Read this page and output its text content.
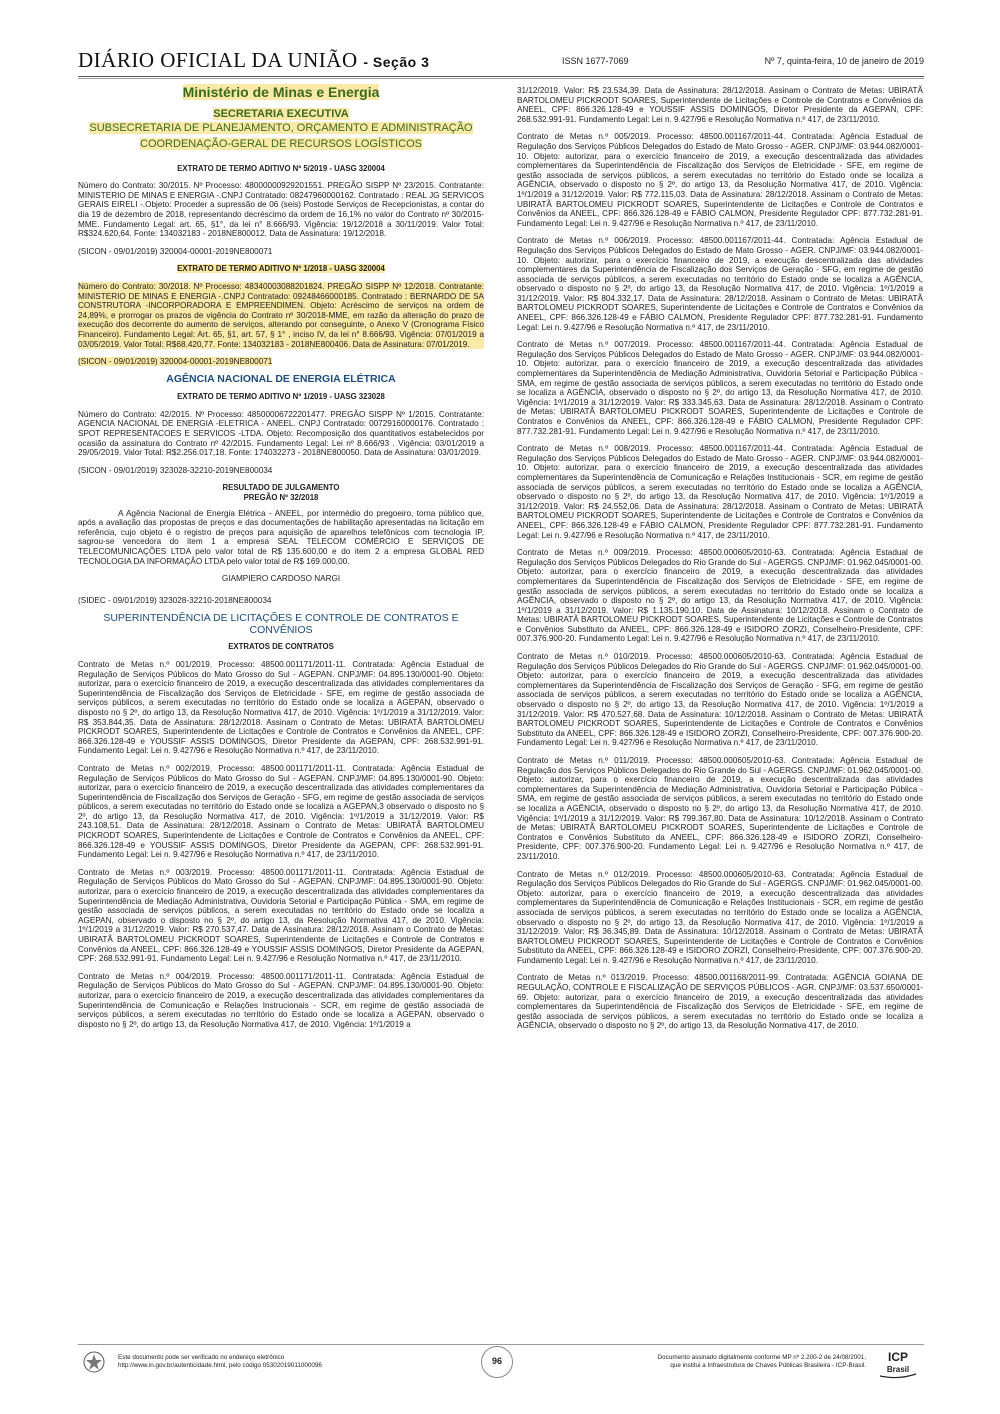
DIÁRIO OFICIAL DA UNIÃO - Seção 3	ISSN 1677-7069	Nº 7, quinta-feira, 10 de janeiro de 2019
Ministério de Minas e Energia
SECRETARIA EXECUTIVA
SUBSECRETARIA DE PLANEJAMENTO, ORÇAMENTO E ADMINISTRAÇÃO
COORDENAÇÃO-GERAL DE RECURSOS LOGÍSTICOS
EXTRATO DE TERMO ADITIVO Nº 5/2019 - UASG 320004

Número do Contrato: 30/2015. Nº Processo: 48000000929201551. PREGÃO SISPP Nº 23/2015. Contratante: MINISTERIO DE MINAS E ENERGIA -.CNPJ Contratado: 08247960000162. Contratado : REAL JG SERVICOS GERAIS EIRELI -.Objeto: Proceder a supressão de 06 (seis) Postode Serviços de Recepcionistas, a contar do dia 19 de dezembro de 2018, representando decréscimo da ordem de 16,1% no valor do Contrato nº 30/2015-MME. Fundamento Legal: art. 65, §1°, da lei n° 8.666/93. Vigência: 19/12/2018 a 30/11/2019. Valor Total: R$324.620,64. Fonte: 134032183 - 2018NE800012. Data de Assinatura: 19/12/2018.

(SICON - 09/01/2019) 320004-00001-2019NE800071

EXTRATO DE TERMO ADITIVO Nº 1/2018 - UASG 320004

Número do Contrato: 30/2018. Nº Processo: 48340003088201824. PREGÃO SISPP Nº 12/2018. Contratante: MINISTERIO DE MINAS E ENERGIA -.CNPJ Contratado: 09248466000185. Contratado : BERNARDO DE SA CONSTRUTORA -INCORPORADORA E EMPREENDIMEN. Objeto: Acréscimo de serviços na ordem de 24,89%, e prorrogar os prazos de vigência do Contrato nº 30/2018-MME, em razão da alteração do prazo de execução dos decorrente do aumento de serviços, alterando por conseguinte, o Anexo V (Cronograma Físico Financeiro). Fundamento Legal: Art. 65, §1, art. 57, § 1° , inciso IV, da lei n° 8.666/93. Vigência: 07/01/2019 a 03/05/2019. Valor Total: R$68.420,77. Fonte: 134032183 - 2018NE800406. Data de Assinatura: 07/01/2019.

(SICON - 09/01/2019) 320004-00001-2019NE800071

AGÊNCIA NACIONAL DE ENERGIA ELÉTRICA
EXTRATO DE TERMO ADITIVO Nº 1/2019 - UASG 323028

Número do Contrato: 42/2015. Nº Processo: 48500006722201477. PREGÃO SISPP Nº 1/2015. Contratante: AGENCIA NACIONAL DE ENERGIA -ELETRICA - ANEEL. CNPJ Contratado: 00729160000176. Contratado : SPOT REPRESENTACOES E SERVICOS -LTDA. Objeto: Recomposição dos quantitativos estabelecidos por ocasião da assinatura do Contrato nº 42/2015. Fundamento Legal: Lei nº 8.666/93 . Vigência: 03/01/2019 a 29/05/2019. Valor Total: R$2.256.017,18. Fonte: 174032273 - 2018NE800050. Data de Assinatura: 03/01/2019.

(SICON - 09/01/2019) 323028-32210-2019NE800034

RESULTADO DE JULGAMENTO
PREGÃO Nº 32/2018

A Agência Nacional de Energia Elétrica - ANEEL, por intermédio do pregoeiro, torna público que, após a avaliação das propostas de preços e das documentações de habilitação apresentadas na licitação em referência, cujo objeto é o registro de preços para aquisição de aparelhos telefônicos com tecnologia IP, sagrou-se vencedora do item 1 a empresa SEAL TELECOM COMÉRCIO E SERVIÇOS DE TELECOMUNICAÇÕES LTDA pelo valor total de R$ 135.600,00 e do item 2 a empresa GLOBAL RED TECNOLOGIA DA INFORMAÇÃO LTDA pelo valor total de R$ 169.000,00.

GIAMPIERO CARDOSO NARGI

(SIDEC - 09/01/2019) 323028-32210-2018NE800034

SUPERINTENDÊNCIA DE LICITAÇÕES E CONTROLE DE CONTRATOS E CONVÊNIOS
EXTRATOS DE CONTRATOS

Contrato de Metas n.º 001/2019. Processo: 48500.001171/2011-11. Contratada: Agência Estadual de Regulação de Serviços Públicos do Mato Grosso do Sul - AGEPAN. CNPJ/MF: 04.895.130/0001-90. Objeto: autorizar, para o exercício financeiro de 2019, a execução descentralizada das atividades complementares da Superintendência de Fiscalização dos Serviços de Eletricidade - SFE, em regime de gestão associada de serviços públicos, a serem executadas no território do Estado onde se localiza a AGEPAN, observado o disposto no § 2º, do artigo 13, da Resolução Normativa 417, de 2010. Vigência: 1º/1/2019 a 31/12/2019. Valor: R$ 353.844,35. Data de Assinatura: 28/12/2018. Assinam o Contrato de Metas: UBIRATÃ BARTOLOMEU PICKRODT SOARES, Superintendente de Licitações e Controle de Contratos e Convênios da ANEEL, CPF: 866.326.128-49 e YOUSSIF ASSIS DOMINGOS, Diretor Presidente da AGEPAN, CPF: 268.532.991-91. Fundamento Legal: Lei n. 9.427/96 e Resolução Normativa n.º 417, de 23/11/2010.

Contrato de Metas n.º 002/2019. Processo: 48500.001171/2011-11. Contratada: Agência Estadual de Regulação de Serviços Públicos do Mato Grosso do Sul - AGEPAN. CNPJ/MF: 04.895.130/0001-90. Objeto: autorizar, para o exercício financeiro de 2019, a execução descentralizada das atividades complementares da Superintendência de Fiscalização dos Serviços de Geração - SFG, em regime de gestão associada de serviços públicos, a serem executadas no território do Estado onde se localiza a AGEPAN,3 observado o disposto no § 2º, do artigo 13, da Resolução Normativa 417, de 2010. Vigência: 1º/1/2019 a 31/12/2019. Valor: R$ 243.108,51. Data de Assinatura: 28/12/2018. Assinam o Contrato de Metas: UBIRATÃ BARTOLOMEU PICKRODT SOARES, Superintendente de Licitações e Controle de Contratos e Convênios da ANEEL, CPF: 866.326.128-49 e YOUSSIF ASSIS DOMINGOS, Diretor Presidente da AGEPAN, CPF: 268.532.991-91. Fundamento Legal: Lei n. 9.427/96 e Resolução Normativa n.º 417, de 23/11/2010.

Contrato de Metas n.º 003/2019. Processo: 48500.001171/2011-11. Contratada: Agência Estadual de Regulação de Serviços Públicos do Mato Grosso do Sul - AGEPAN. CNPJ/MF: 04.895.130/0001-90. Objeto: autorizar, para o exercício financeiro de 2019, a execução descentralizada das atividades complementares da Superintendência de Mediação Administrativa, Ouvidoria Setorial e Participação Pública - SMA, em regime de gestão associada de serviços públicos, a serem executadas no território do Estado onde se localiza a AGEPAN, observado o disposto no § 2º, do artigo 13, da Resolução Normativa 417, de 2010. Vigência: 1º/1/2019 a 31/12/2019. Valor: R$ 270.537,47. Data de Assinatura: 28/12/2018. Assinam o Contrato de Metas: UBIRATÃ BARTOLOMEU PICKRODT SOARES, Superintendente de Licitações e Controle de Contratos e Convênios da ANEEL, CPF: 866.326.128-49 e YOUSSIF ASSIS DOMINGOS, Diretor Presidente da AGEPAN, CPF: 268.532.991-91. Fundamento Legal: Lei n. 9.427/96 e Resolução Normativa n.º 417, de 23/11/2010.

Contrato de Metas n.º 004/2019. Processo: 48500.001171/2011-11. Contratada: Agência Estadual de Regulação de Serviços Públicos do Mato Grosso do Sul - AGEPAN. CNPJ/MF: 04.895.130/0001-90. Objeto: autorizar, para o exercício financeiro de 2019, a execução descentralizada das atividades complementares da Superintendência de Comunicação e Relações Instrucionais - SCR, em regime de gestão associada de serviços públicos, a serem executadas no território do Estado onde se localiza a AGEPAN, observado o disposto no § 2º, do artigo 13, da Resolução Normativa 417, de 2010. Vigência: 1º/1/2019 a

31/12/2019. Valor: R$ 23.534,39. Data de Assinatura: 28/12/2018. Assinam o Contrato de Metas: UBIRATÃ BARTOLOMEU PICKRODT SOARES, Superintendente de Licitações e Controle de Contratos e Convênios da ANEEL, CPF: 866.326.128-49 e YOUSSIF ASSIS DOMINGOS, Diretor Presidente da AGEPAN, CPF: 268.532.991-91. Fundamento Legal: Lei n. 9.427/96 e Resolução Normativa n.º 417, de 23/11/2010.

Contrato de Metas n.º 005/2019. Processo: 48500.001167/2011-44. Contratada: Agência Estadual de Regulação dos Serviços Públicos Delegados do Estado de Mato Grosso - AGER. CNPJ/MF: 03.944.082/0001-10. Objeto: autorizar, para o exercício financeiro de 2019, a execução descentralizada das atividades complementares da Superintendência de Fiscalização dos Serviços de Eletricidade - SFE, em regime de gestão associada de serviços públicos, a serem executadas no território do Estado onde se localiza a AGÊNCIA, observado o disposto no § 2º, do artigo 13, da Resolução Normativa 417, de 2010. Vigência: 1º/1/2019 a 31/12/2019. Valor: R$ 772.115,03. Data de Assinatura: 28/12/2018. Assinam o Contrato de Metas: UBIRATÃ BARTOLOMEU PICKRODT SOARES, Superintendente de Licitações e Controle de Contratos e Convênios da ANEEL, CPF: 866.326.128-49 e FÁBIO CALMON, Presidente Regulador CPF: 877.732.281-91. Fundamento Legal: Lei n. 9.427/96 e Resolução Normativa n.º 417, de 23/11/2010.

Contrato de Metas n.º 006/2019. Processo: 48500.001167/2011-44. Contratada: Agência Estadual de Regulação dos Serviços Públicos Delegados do Estado de Mato Grosso - AGER. CNPJ/MF: 03.944.082/0001-10. Objeto: autorizar, para o exercício financeiro de 2019, a execução descentralizada das atividades complementares da Superintendência de Fiscalização dos Serviços de Geração - SFG, em regime de gestão associada de serviços públicos, a serem executadas no território do Estado onde se localiza a AGÊNCIA, observado o disposto no § 2º, do artigo 13, da Resolução Normativa 417, de 2010. Vigência: 1º/1/2019 a 31/12/2019. Valor: R$ 804.332,17. Data de Assinatura: 28/12/2018. Assinam o Contrato de Metas: UBIRATÃ BARTOLOMEU PICKRODT SOARES, Superintendente de Licitações e Controle de Contratos e Convênios da ANEEL, CPF: 866.326.128-49 e FÁBIO CALMON, Presidente Regulador CPF: 877.732.281-91. Fundamento Legal: Lei n. 9.427/96 e Resolução Normativa n.º 417, de 23/11/2010.

Contrato de Metas n.º 007/2019. Processo: 48500.001167/2011-44. Contratada: Agência Estadual de Regulação dos Serviços Públicos Delegados do Estado de Mato Grosso - AGER. CNPJ/MF: 03.944.082/0001-10. Objeto: autorizar, para o exercício financeiro de 2019, a execução descentralizada das atividades complementares da Superintendência de Mediação Administrativa, Ouvidoria Setorial e Participação Pública - SMA, em regime de gestão associada de serviços públicos, a serem executadas no território do Estado onde se localiza a AGÊNCIA, observado o disposto no § 2º, do artigo 13, da Resolução Normativa 417, de 2010. Vigência: 1º/1/2019 a 31/12/2019. Valor: R$ 333.345,63. Data de Assinatura: 28/12/2018. Assinam o Contrato de Metas: UBIRATÃ BARTOLOMEU PICKRODT SOARES, Superintendente de Licitações e Controle de Contratos e Convênios da ANEEL, CPF: 866.326.128-49 e FÁBIO CALMON, Presidente Regulador CPF: 877.732.281-91. Fundamento Legal: Lei n. 9.427/96 e Resolução Normativa n.º 417, de 23/11/2010.

Contrato de Metas n.º 008/2019. Processo: 48500.001167/2011-44. Contratada: Agência Estadual de Regulação dos Serviços Públicos Delegados do Estado de Mato Grosso - AGER. CNPJ/MF: 03.944.082/0001-10. Objeto: autorizar, para o exercício financeiro de 2019, a execução descentralizada das atividades complementares da Superintendência de Comunicação e Relações Institucionais - SCR, em regime de gestão associada de serviços públicos, a serem executadas no território do Estado onde se localiza a AGÊNCIA, observado o disposto no § 2º, do artigo 13, da Resolução Normativa 417, de 2010. Vigência: 1º/1/2019 a 31/12/2019. Valor: R$ 24.552,06. Data de Assinatura: 28/12/2018. Assinam o Contrato de Metas: UBIRATÃ BARTOLOMEU PICKRODT SOARES, Superintendente de Licitações e Controle de Contratos e Convênios da ANEEL, CPF: 866.326.128-49 e FÁBIO CALMON, Presidente Regulador CPF: 877.732.281-91. Fundamento Legal: Lei n. 9.427/96 e Resolução Normativa n.º 417, de 23/11/2010.

Contrato de Metas n.º 009/2019. Processo: 48500.000605/2010-63. Contratada: Agência Estadual de Regulação dos Serviços Públicos Delegados do Rio Grande do Sul - AGERGS. CNPJ/MF: 01.962.045/0001-00. Objeto: autorizar, para o exercício financeiro de 2019, a execução descentralizada das atividades complementares da Superintendência de Fiscalização dos Serviços de Eletricidade - SFE, em regime de gestão associada de serviços públicos, a serem executadas no território do Estado onde se localiza a AGÊNCIA, observado o disposto no § 2º, do artigo 13, da Resolução Normativa 417, de 2010. Vigência: 1º/1/2019 a 31/12/2019. Valor: R$ 1.135.190,10. Data de Assinatura: 10/12/2018. Assinam o Contrato de Metas: UBIRATÃ BARTOLOMEU PICKRODT SOARES, Superintendente de Licitações e Controle de Contratos e Convênios Substituto da ANEEL, CPF: 866.326.128-49 e ISIDORO ZORZI, Conselheiro-Presidente, CPF: 007.376.900-20. Fundamento Legal: Lei n. 9.427/96 e Resolução Normativa n.º 417, de 23/11/2010.

Contrato de Metas n.º 010/2019. Processo: 48500.000605/2010-63. Contratada: Agência Estadual de Regulação dos Serviços Públicos Delegados do Rio Grande do Sul - AGERGS. CNPJ/MF: 01.962.045/0001-00. Objeto: autorizar, para o exercício financeiro de 2019, a execução descentralizada das atividades complementares da Superintendência de Fiscalização dos Serviços de Geração - SFG, em regime de gestão associada de serviços públicos, a serem executadas no território do Estado onde se localiza a AGÊNCIA, observado o disposto no § 2º, do artigo 13, da Resolução Normativa 417, de 2010. Vigência: 1º/1/2019 a 31/12/2019. Valor: R$ 470.527,68. Data de Assinatura: 10/12/2018. Assinam o Contrato de Metas: UBIRATÃ BARTOLOMEU PICKRODT SOARES, Superintendente de Licitações e Controle de Contratos e Convênios Substituto da ANEEL, CPF: 866.326.128-49 e ISIDORO ZORZI, Conselheiro-Presidente, CPF: 007.376.900-20. Fundamento Legal: Lei n. 9.427/96 e Resolução Normativa n.º 417, de 23/11/2010.

Contrato de Metas n.º 011/2019. Processo: 48500.000605/2010-63. Contratada: Agência Estadual de Regulação dos Serviços Públicos Delegados do Rio Grande do Sul - AGERGS. CNPJ/MF: 01.962.045/0001-00. Objeto: autorizar, para o exercício financeiro de 2019, a execução descentralizada das atividades complementares da Superintendência de Mediação Administrativa, Ouvidoria Setorial e Participação Pública - SMA, em regime de gestão associada de serviços públicos, a serem executadas no território do Estado onde se localiza a AGÊNCIA, observado o disposto no § 2º, do artigo 13, da Resolução Normativa 417, de 2010. Vigência: 1º/1/2019 a 31/12/2019. Valor: R$ 799.367,80. Data de Assinatura: 10/12/2018. Assinam o Contrato de Metas: UBIRATÃ BARTOLOMEU PICKRODT SOARES, Superintendente de Licitações e Controle de Contratos e Convênios Substituto da ANEEL, CPF: 866.326.128-49 e ISIDORO ZORZI, Conselheiro-Presidente, CPF: 007.376.900-20. Fundamento Legal: Lei n. 9.427/96 e Resolução Normativa n.º 417, de 23/11/2010.

Contrato de Metas n.º 012/2019. Processo: 48500.000605/2010-63. Contratada: Agência Estadual de Regulação dos Serviços Públicos Delegados do Rio Grande do Sul - AGERGS. CNPJ/MF: 01.962.045/0001-00. Objeto: autorizar, para o exercício financeiro de 2019, a execução descentralizada das atividades complementares da Superintendência de Comunicação e Relações Institucionais - SCR, em regime de gestão associada de serviços públicos, a serem executadas no território do Estado onde se localiza a AGÊNCIA, observado o disposto no § 2º, do artigo 13, da Resolução Normativa 417, de 2010. Vigência: 1º/1/2019 a 31/12/2019. Valor: R$ 36.345,89. Data de Assinatura: 10/12/2018. Assinam o Contrato de Metas: UBIRATÃ BARTOLOMEU PICKRODT SOARES, Superintendente de Licitações e Controle de Contratos e Convênios Substituto da ANEEL, CPF: 866.326.128-49 e ISIDORO ZORZI, Conselheiro-Presidente, CPF: 007.376.900-20. Fundamento Legal: Lei n. 9.427/96 e Resolução Normativa n.º 417, de 23/11/2010.

Contrato de Metas n.º 013/2019. Processo: 48500.001168/2011-99. Contratada: AGÊNCIA GOIANA DE REGULAÇÃO, CONTROLE E FISCALIZAÇÃO DE SERVIÇOS PÚBLICOS - AGR. CNPJ/MF: 03.537.650/0001-69. Objeto: autorizar, para o exercício financeiro de 2019, a execução descentralizada das atividades complementares da Superintendência de Fiscalização dos Serviços de Eletricidade - SFE, em regime de gestão associada de serviços públicos, a serem executadas no território do Estado onde se localiza a AGÊNCIA, observado o disposto no § 2º, do artigo 13, da Resolução Normativa 417, de 2010.

Este documento pode ser verificado no endereço eletrônico
http://www.in.gov.br/autenticidade.html, pelo código 05302019011000096	96	Documento assinado digitalmente conforme MP nº 2.200-2 de 24/08/2001,
que institui a Infraestrutura de Chaves Públicas Brasileira - ICP-Brasil.
ICP
Brasil
